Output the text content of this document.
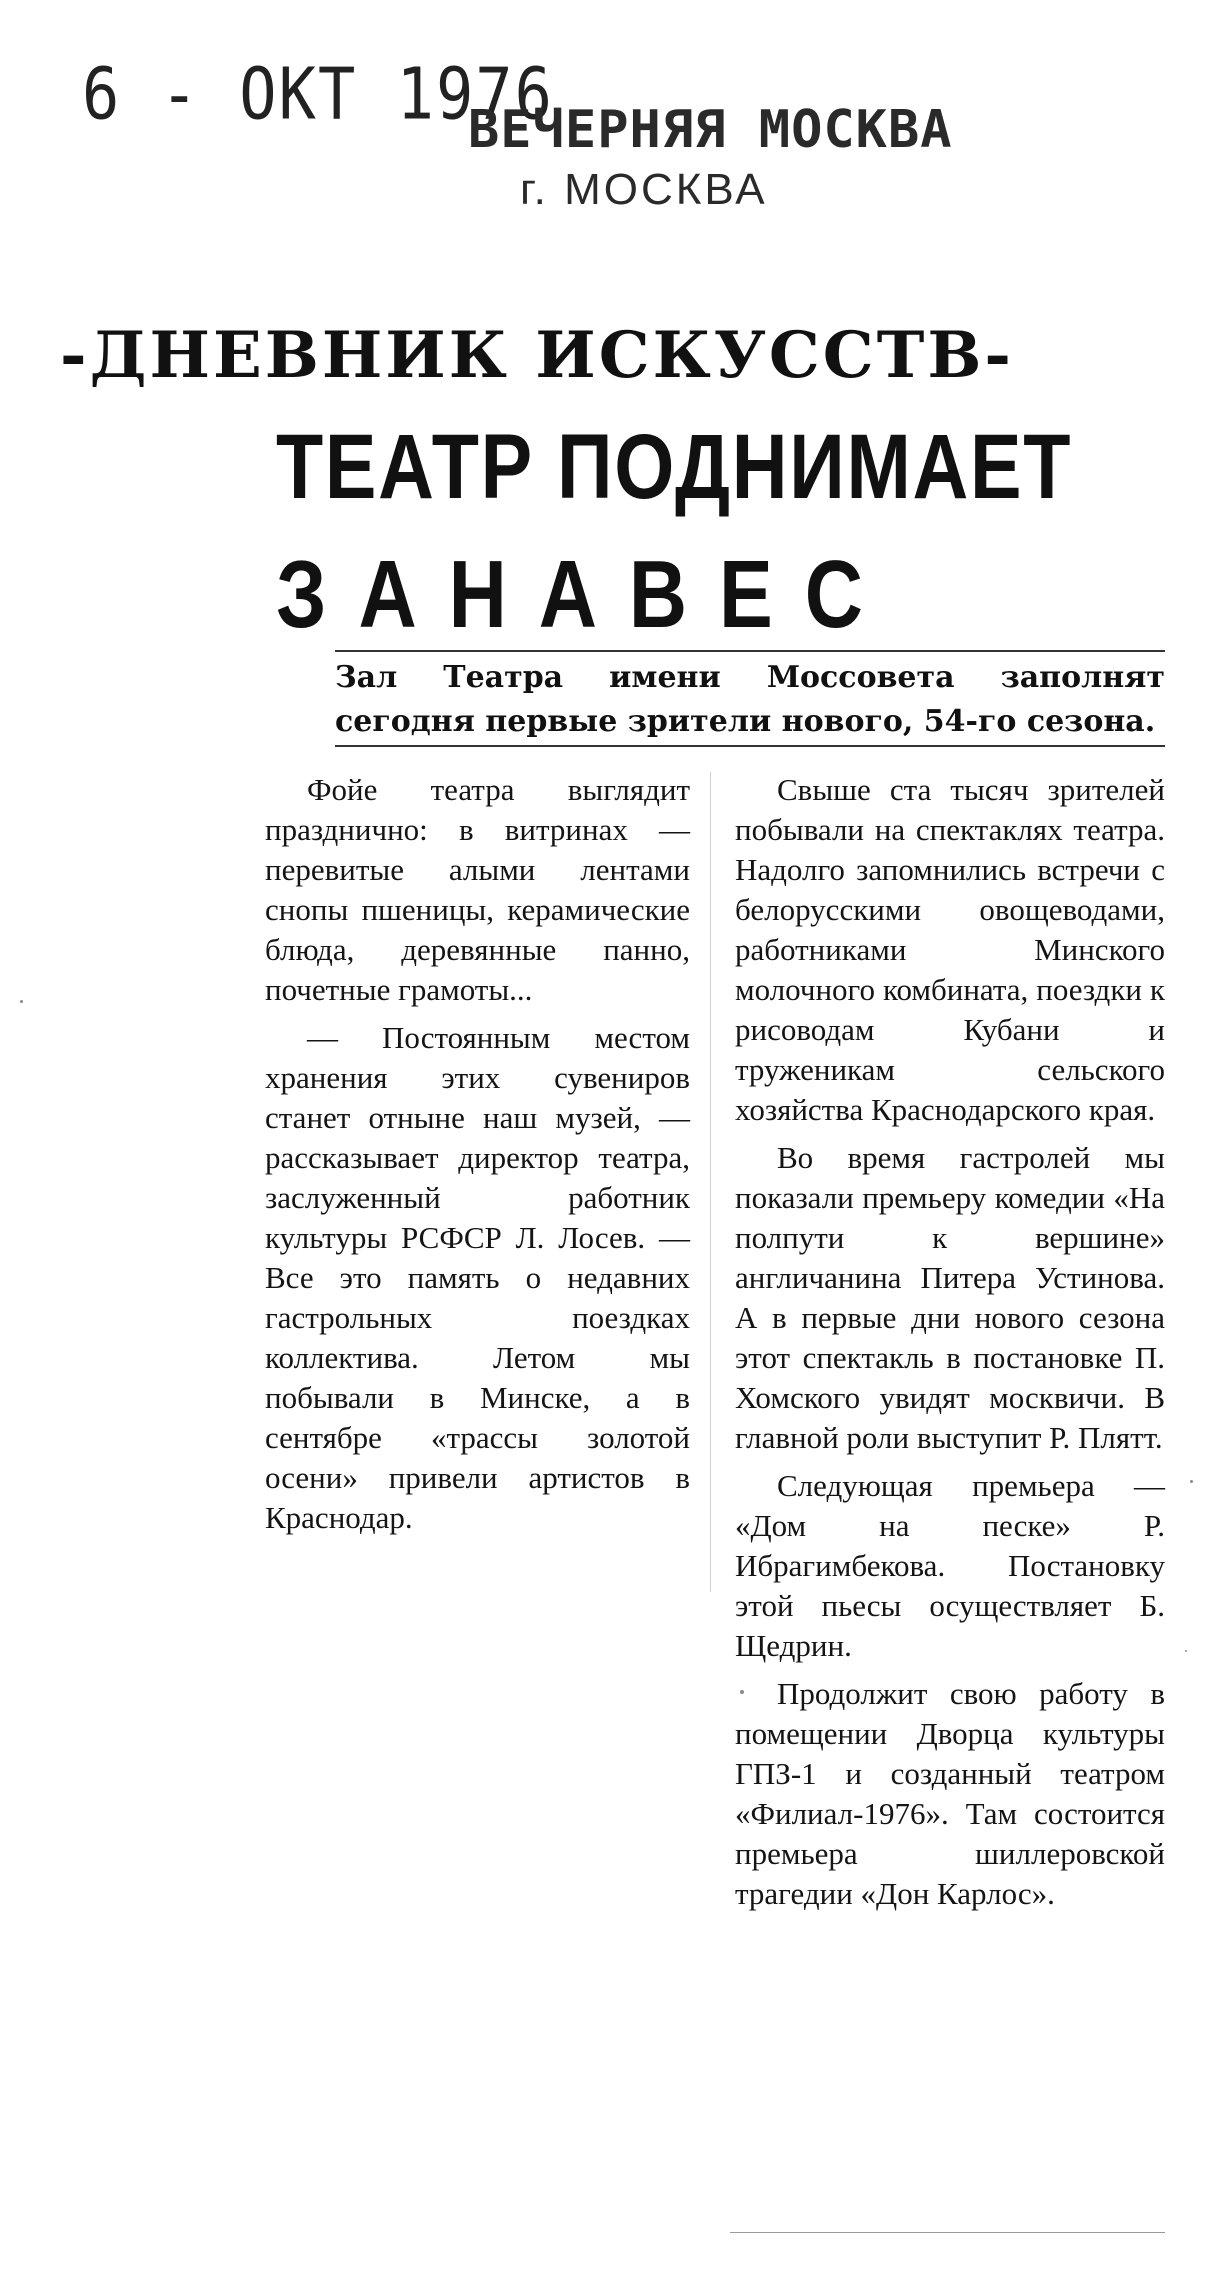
6 - ОКТ 1976
ВЕЧЕРНЯЯ МОСКВА
г. МОСКВА
-ДНЕВНИК ИСКУССТВ-
ТЕАТР ПОДНИМАЕТ
ЗАНАВЕС
Зал Театра имени Моссовета заполнят сегодня первые зрители нового, 54-го сезона.

Фойе театра выглядит празднично: в витринах — перевитые алыми лентами снопы пшеницы, керамические блюда, деревянные панно, почетные грамоты...

— Постоянным местом хранения этих сувениров станет отныне наш музей, — рассказывает директор театра, заслуженный работник культуры РСФСР Л. Лосев. — Все это память о недавних гастрольных поездках коллектива. Летом мы побывали в Минске, а в сентябре «трассы золотой осени» привели артистов в Краснодар.

Свыше ста тысяч зрителей побывали на спектаклях театра. Надолго запомнились встречи с белорусскими овощеводами, работниками Минского молочного комбината, поездки к рисоводам Кубани и труженикам сельского хозяйства Краснодарского края.

Во время гастролей мы показали премьеру комедии «На полпути к вершине» англичанина Питера Устинова. А в первые дни нового сезона этот спектакль в постановке П. Хомского увидят москвичи. В главной роли выступит Р. Плятт.

Следующая премьера — «Дом на песке» Р. Ибрагимбекова. Постановку этой пьесы осуществляет Б. Щедрин.

Продолжит свою работу в помещении Дворца культуры ГПЗ-1 и созданный театром «Филиал-1976». Там состоится премьера шиллеровской трагедии «Дон Карлос».
